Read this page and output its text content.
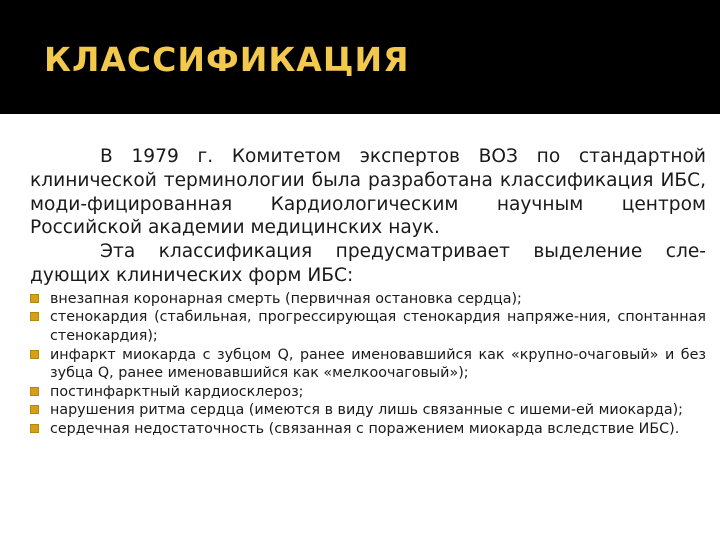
КЛАССИФИКАЦИЯ

В 1979 г. Комитетом экспертов ВОЗ по стандартной клинической терминологии была разработана классификация ИБС, моди-фицированная Кардиологическим научным центром Российской академии медицинских наук.

Эта классификация предусматривает выделение сле-дующих клинических форм ИБС:

внезапная коронарная смерть (первичная остановка сердца);
стенокардия (стабильная, прогрессирующая стенокардия напряже-ния, спонтанная стенокардия);
инфаркт миокарда с зубцом Q, ранее именовавшийся как «крупно-очаговый» и без зубца Q, ранее именовавшийся как «мелкоочаговый»);
постинфарктный кардиосклероз;
нарушения ритма сердца (имеются в виду лишь связанные с ишеми-ей миокарда);
сердечная недостаточность (связанная с поражением миокарда вследствие ИБС).
